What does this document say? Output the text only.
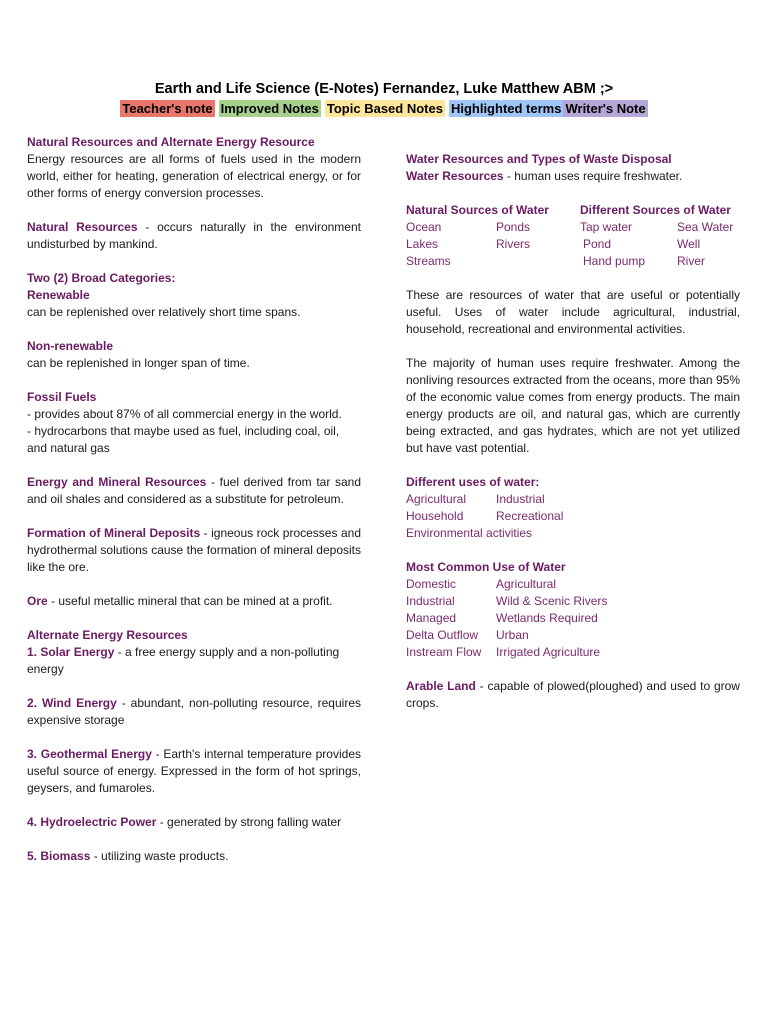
Earth and Life Science (E-Notes) Fernandez, Luke Matthew ABM ;>
Teacher's note Improved Notes Topic Based Notes Highlighted terms Writer's Note

Natural Resources and Alternate Energy Resource

Energy resources are all forms of fuels used in the modern world, either for heating, generation of electrical energy, or for other forms of energy conversion processes.

Natural Resources - occurs naturally in the environment undisturbed by mankind.

Two (2) Broad Categories:

Renewable

can be replenished over relatively short time spans.

Non-renewable

can be replenished in longer span of time.

Fossil Fuels

- provides about 87% of all commercial energy in the world.

- hydrocarbons that maybe used as fuel, including coal, oil, and natural gas

Energy and Mineral Resources - fuel derived from tar sand and oil shales and considered as a substitute for petroleum.

Formation of Mineral Deposits - igneous rock processes and hydrothermal solutions cause the formation of mineral deposits like the ore.

Ore - useful metallic mineral that can be mined at a profit.

Alternate Energy Resources

1. Solar Energy - a free energy supply and a non-polluting energy

2. Wind Energy - abundant, non-polluting resource, requires expensive storage

3. Geothermal Energy - Earth's internal temperature provides useful source of energy. Expressed in the form of hot springs, geysers, and fumaroles.

4. Hydroelectric Power - generated by strong falling water

5. Biomass - utilizing waste products.

Water Resources and Types of Waste Disposal

Water Resources - human uses require freshwater.

Natural Sources of Water		Different Sources of Water	
Ocean	Ponds	Tap water	Sea Water
Lakes	Rivers	Pond	Well
Streams		Hand pump	River

These are resources of water that are useful or potentially useful. Uses of water include agricultural, industrial, household, recreational and environmental activities.

The majority of human uses require freshwater. Among the nonliving resources extracted from the oceans, more than 95% of the economic value comes from energy products. The main energy products are oil, and natural gas, which are currently being extracted, and gas hydrates, which are not yet utilized but have vast potential.

Different uses of water:

Agricultural	Industrial
Household	Recreational

Environmental activities

Most Common Use of Water

Domestic	Agricultural
Industrial	Wild & Scenic Rivers
Managed	Wetlands Required
Delta Outflow	Urban
Instream Flow	Irrigated Agriculture

Arable Land - capable of plowed(ploughed) and used to grow crops.
